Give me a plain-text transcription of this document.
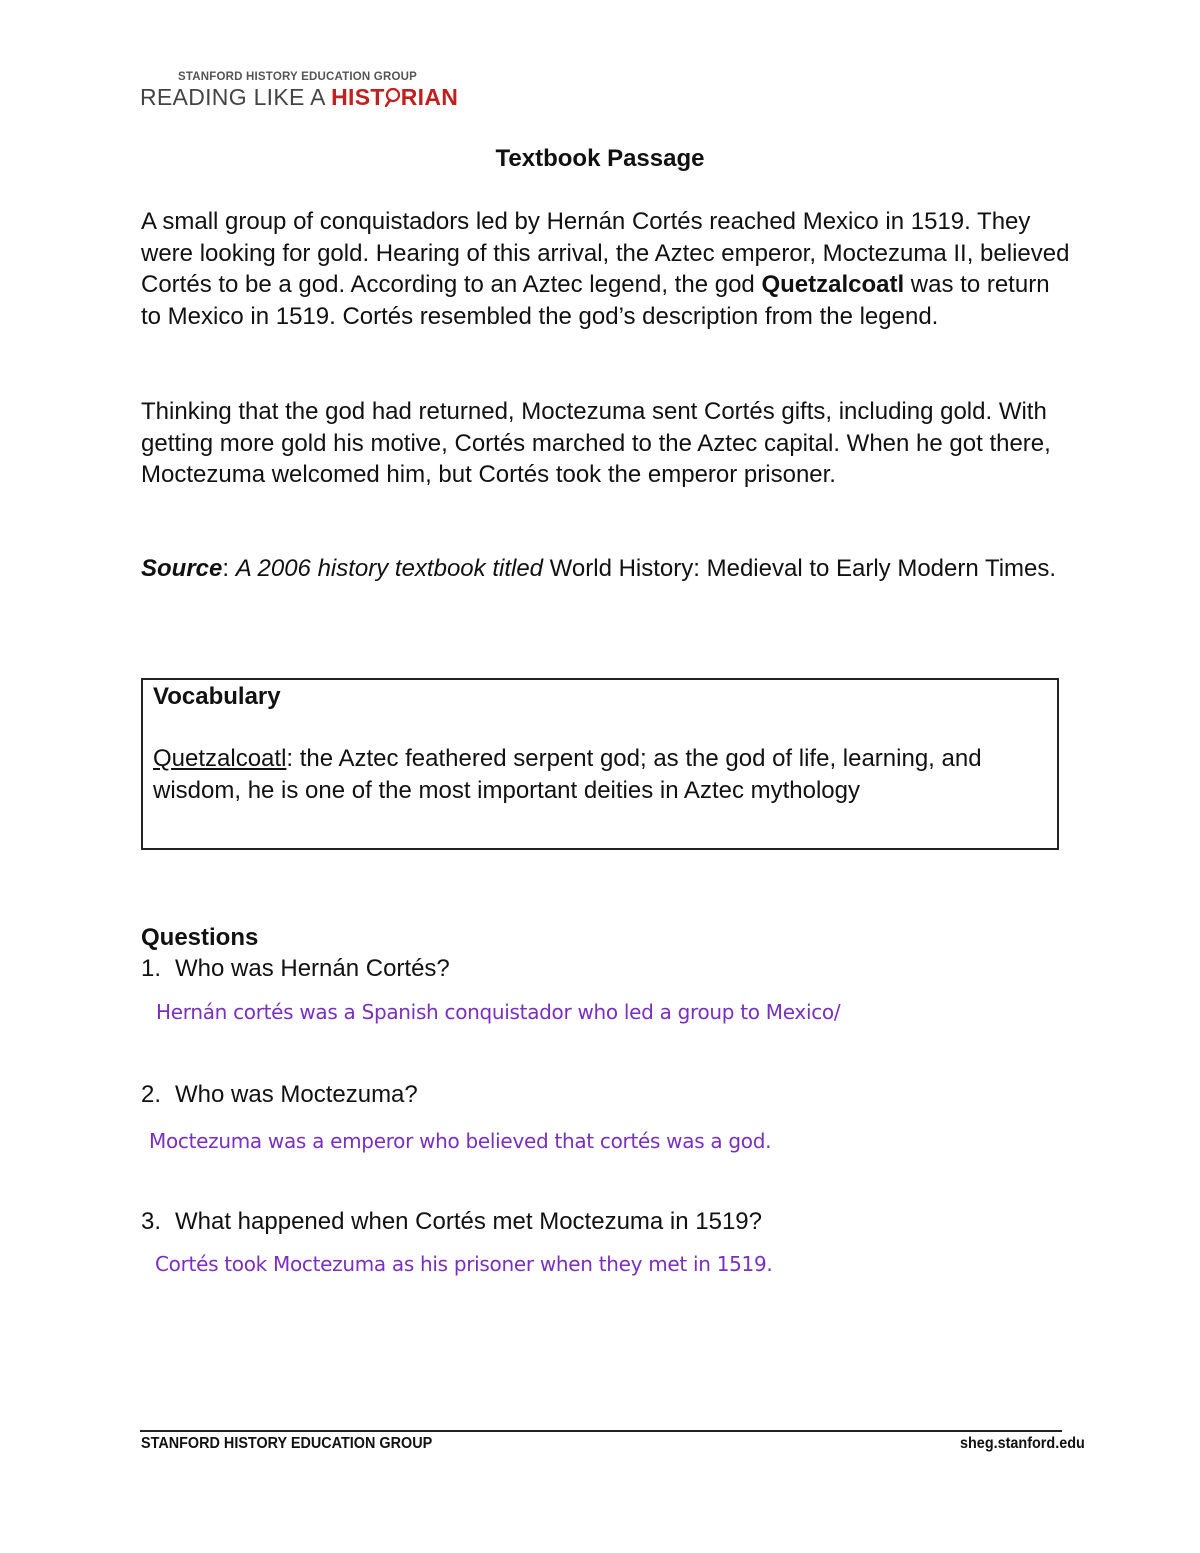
STANFORD HISTORY EDUCATION GROUP
READING LIKE A HIST RIAN
Textbook Passage

A small group of conquistadors led by Hernán Cortés reached Mexico in 1519. They were looking for gold. Hearing of this arrival, the Aztec emperor, Moctezuma II, believed Cortés to be a god. According to an Aztec legend, the god Quetzalcoatl was to return to Mexico in 1519. Cortés resembled the god’s description from the legend.

Thinking that the god had returned, Moctezuma sent Cortés gifts, including gold. With getting more gold his motive, Cortés marched to the Aztec capital. When he got there, Moctezuma welcomed him, but Cortés took the emperor prisoner.

Source: A 2006 history textbook titled World History: Medieval to Early Modern Times.

Vocabulary
Quetzalcoatl: the Aztec feathered serpent god; as the god of life, learning, and wisdom, he is one of the most important deities in Aztec mythology
Questions
1. Who was Hernán Cortés?
Hernán cortés was a Spanish conquistador who led a group to Mexico/
2. Who was Moctezuma?
Moctezuma was a emperor who believed that cortés was a god.
3. What happened when Cortés met Moctezuma in 1519?
Cortés took Moctezuma as his prisoner when they met in 1519.
STANFORD HISTORY EDUCATION GROUP	sheg.stanford.edu
